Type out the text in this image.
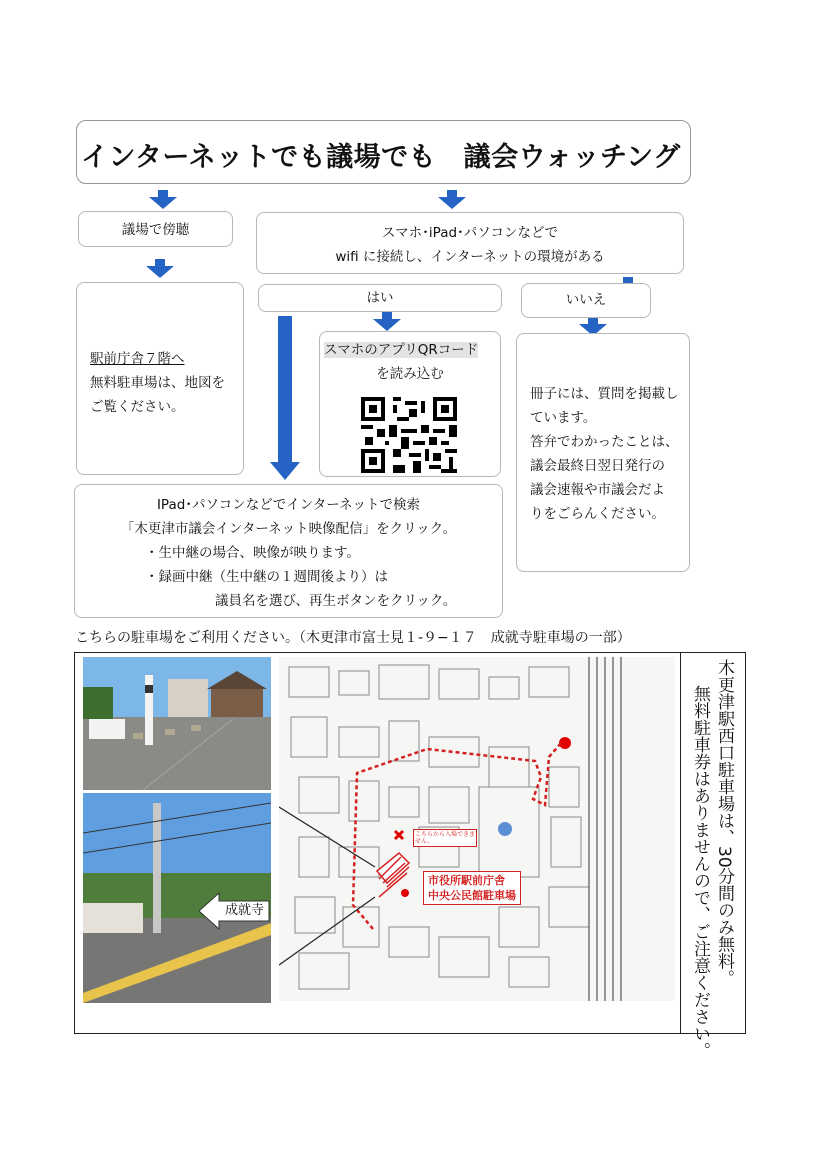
インターネットでも議場でも　議会ウォッチング
議場で傍聴
駅前庁舎７階へ
無料駐車場は、地図を
ご覧ください。
スマホ･iPad･パソコンなどで
wifi に接続し、インターネットの環境がある
はい	いいえ
スマホのアプリQRコード
を読み込む
冊子には、質問を掲載し
ています。
答弁でわかったことは、
議会最終日翌日発行の
議会速報や市議会だよ
りをごらんください。
IPad･パソコンなどでインターネットで検索
「木更津市議会インターネット映像配信」をクリック。
・生中継の場合、映像が映ります。
・録画中継（生中継の１週間後より）は
議員名を選び、再生ボタンをクリック。
こちらの駐車場をご利用ください。（木更津市富士見１-９−１７　成就寺駐車場の一部）
成就寺
こちらから入場できません。
市役所駅前庁舎
中央公民館駐車場	木更津駅西口駐車場は、30分間のみ無料。
無料駐車券はありませんので、ご注意ください。
